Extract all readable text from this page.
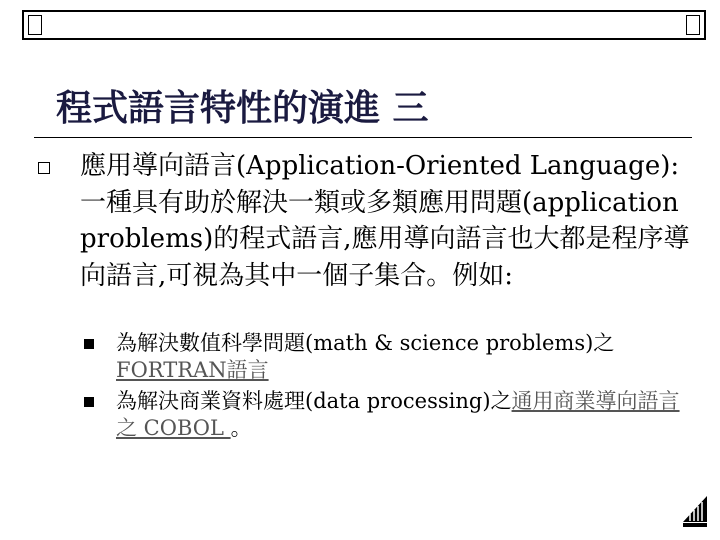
程式語言特性的演進 三

應用導向語言(Application-Oriented Language):一種具有助於解決一類或多類應用問題(application problems)的程式語言,應用導向語言也大都是程序導向語言,可視為其中一個子集合。例如:

為解決數值科學問題(math & science problems)之FORTRAN語言
為解決商業資料處理(data processing)之通用商業導向語言之 COBOL 。
